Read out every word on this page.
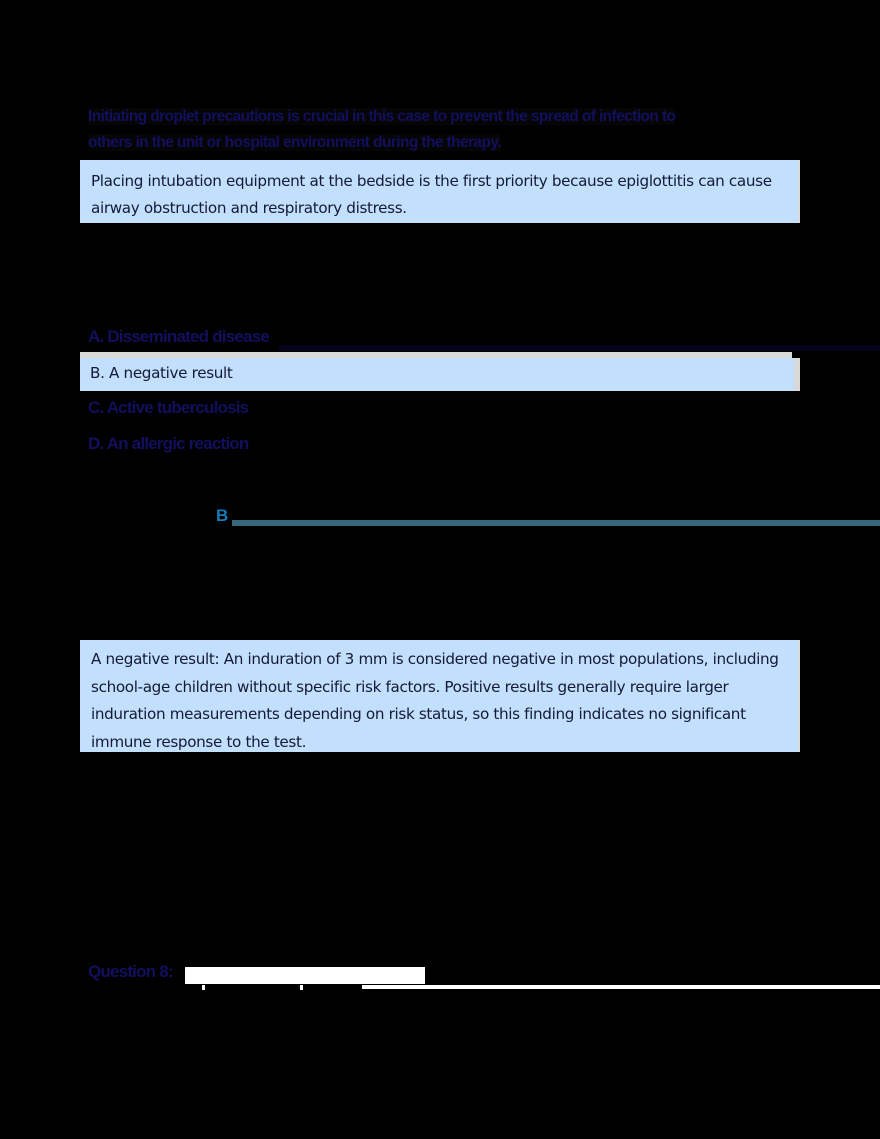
Initiating droplet precautions is crucial in this case to prevent the spread of infection to
others in the unit or hospital environment during the therapy.
Placing intubation equipment at the bedside is the first priority because epiglottitis can cause airway obstruction and respiratory distress.
A. Disseminated disease
B. A negative result
C. Active tuberculosis
D. An allergic reaction
B
A negative result: An induration of 3 mm is considered negative in most populations, including school-age children without specific risk factors. Positive results generally require larger induration measurements depending on risk status, so this finding indicates no significant immune response to the test.
Question 8:
